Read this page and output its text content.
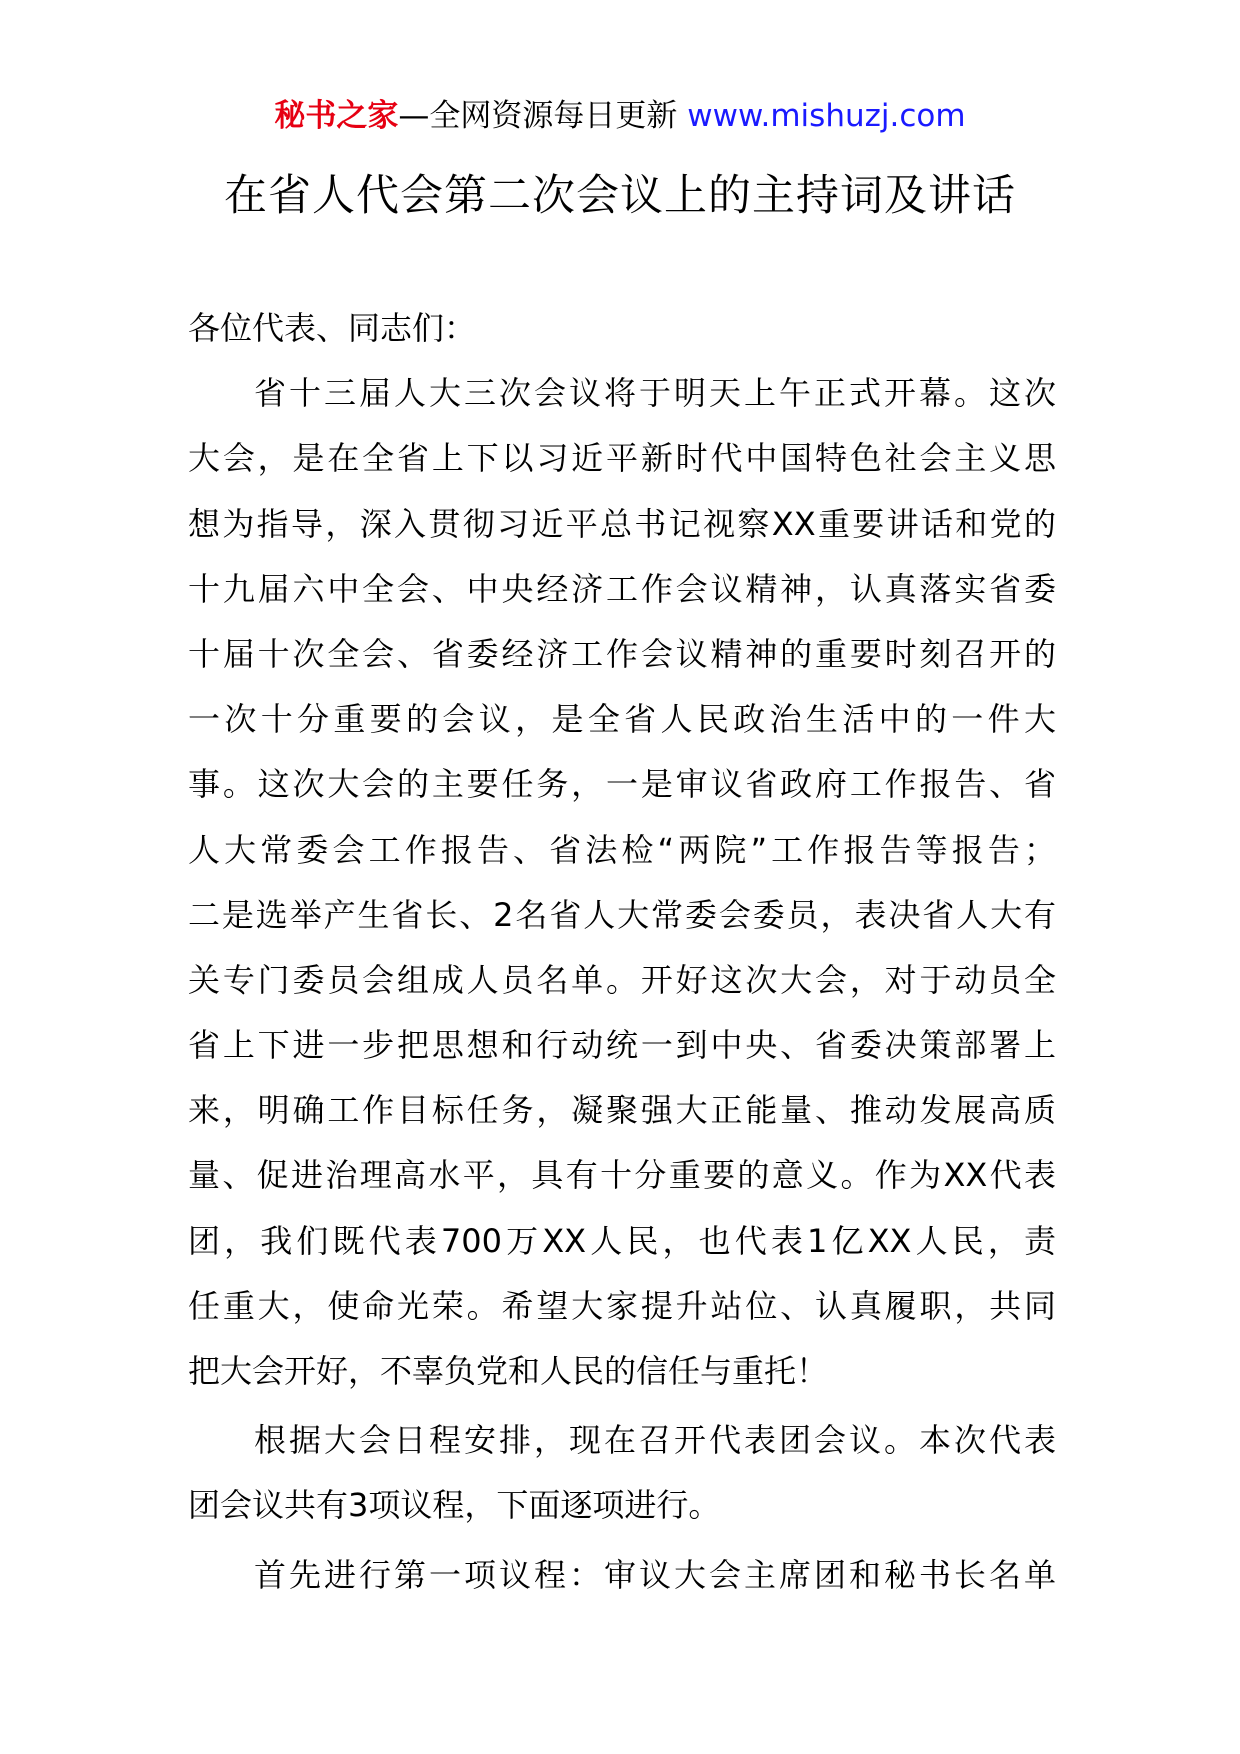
秘书之家—全网资源每日更新 www.mishuzj.com
在省人代会第二次会议上的主持词及讲话
各位代表、同志们：
省十三届人大三次会议将于明天上午正式开幕。这次
大会，是在全省上下以习近平新时代中国特色社会主义思
想为指导，深入贯彻习近平总书记视察XX重要讲话和党的
十九届六中全会、中央经济工作会议精神，认真落实省委
十届十次全会、省委经济工作会议精神的重要时刻召开的
一次十分重要的会议，是全省人民政治生活中的一件大
事。这次大会的主要任务，一是审议省政府工作报告、省
人大常委会工作报告、省法检“两院”工作报告等报告；
二是选举产生省长、2名省人大常委会委员，表决省人大有
关专门委员会组成人员名单。开好这次大会，对于动员全
省上下进一步把思想和行动统一到中央、省委决策部署上
来，明确工作目标任务，凝聚强大正能量、推动发展高质
量、促进治理高水平，具有十分重要的意义。作为XX代表
团，我们既代表700万XX人民，也代表1亿XX人民，责
任重大，使命光荣。希望大家提升站位、认真履职，共同
把大会开好，不辜负党和人民的信任与重托！
根据大会日程安排，现在召开代表团会议。本次代表
团会议共有3项议程，下面逐项进行。
首先进行第一项议程：审议大会主席团和秘书长名单
